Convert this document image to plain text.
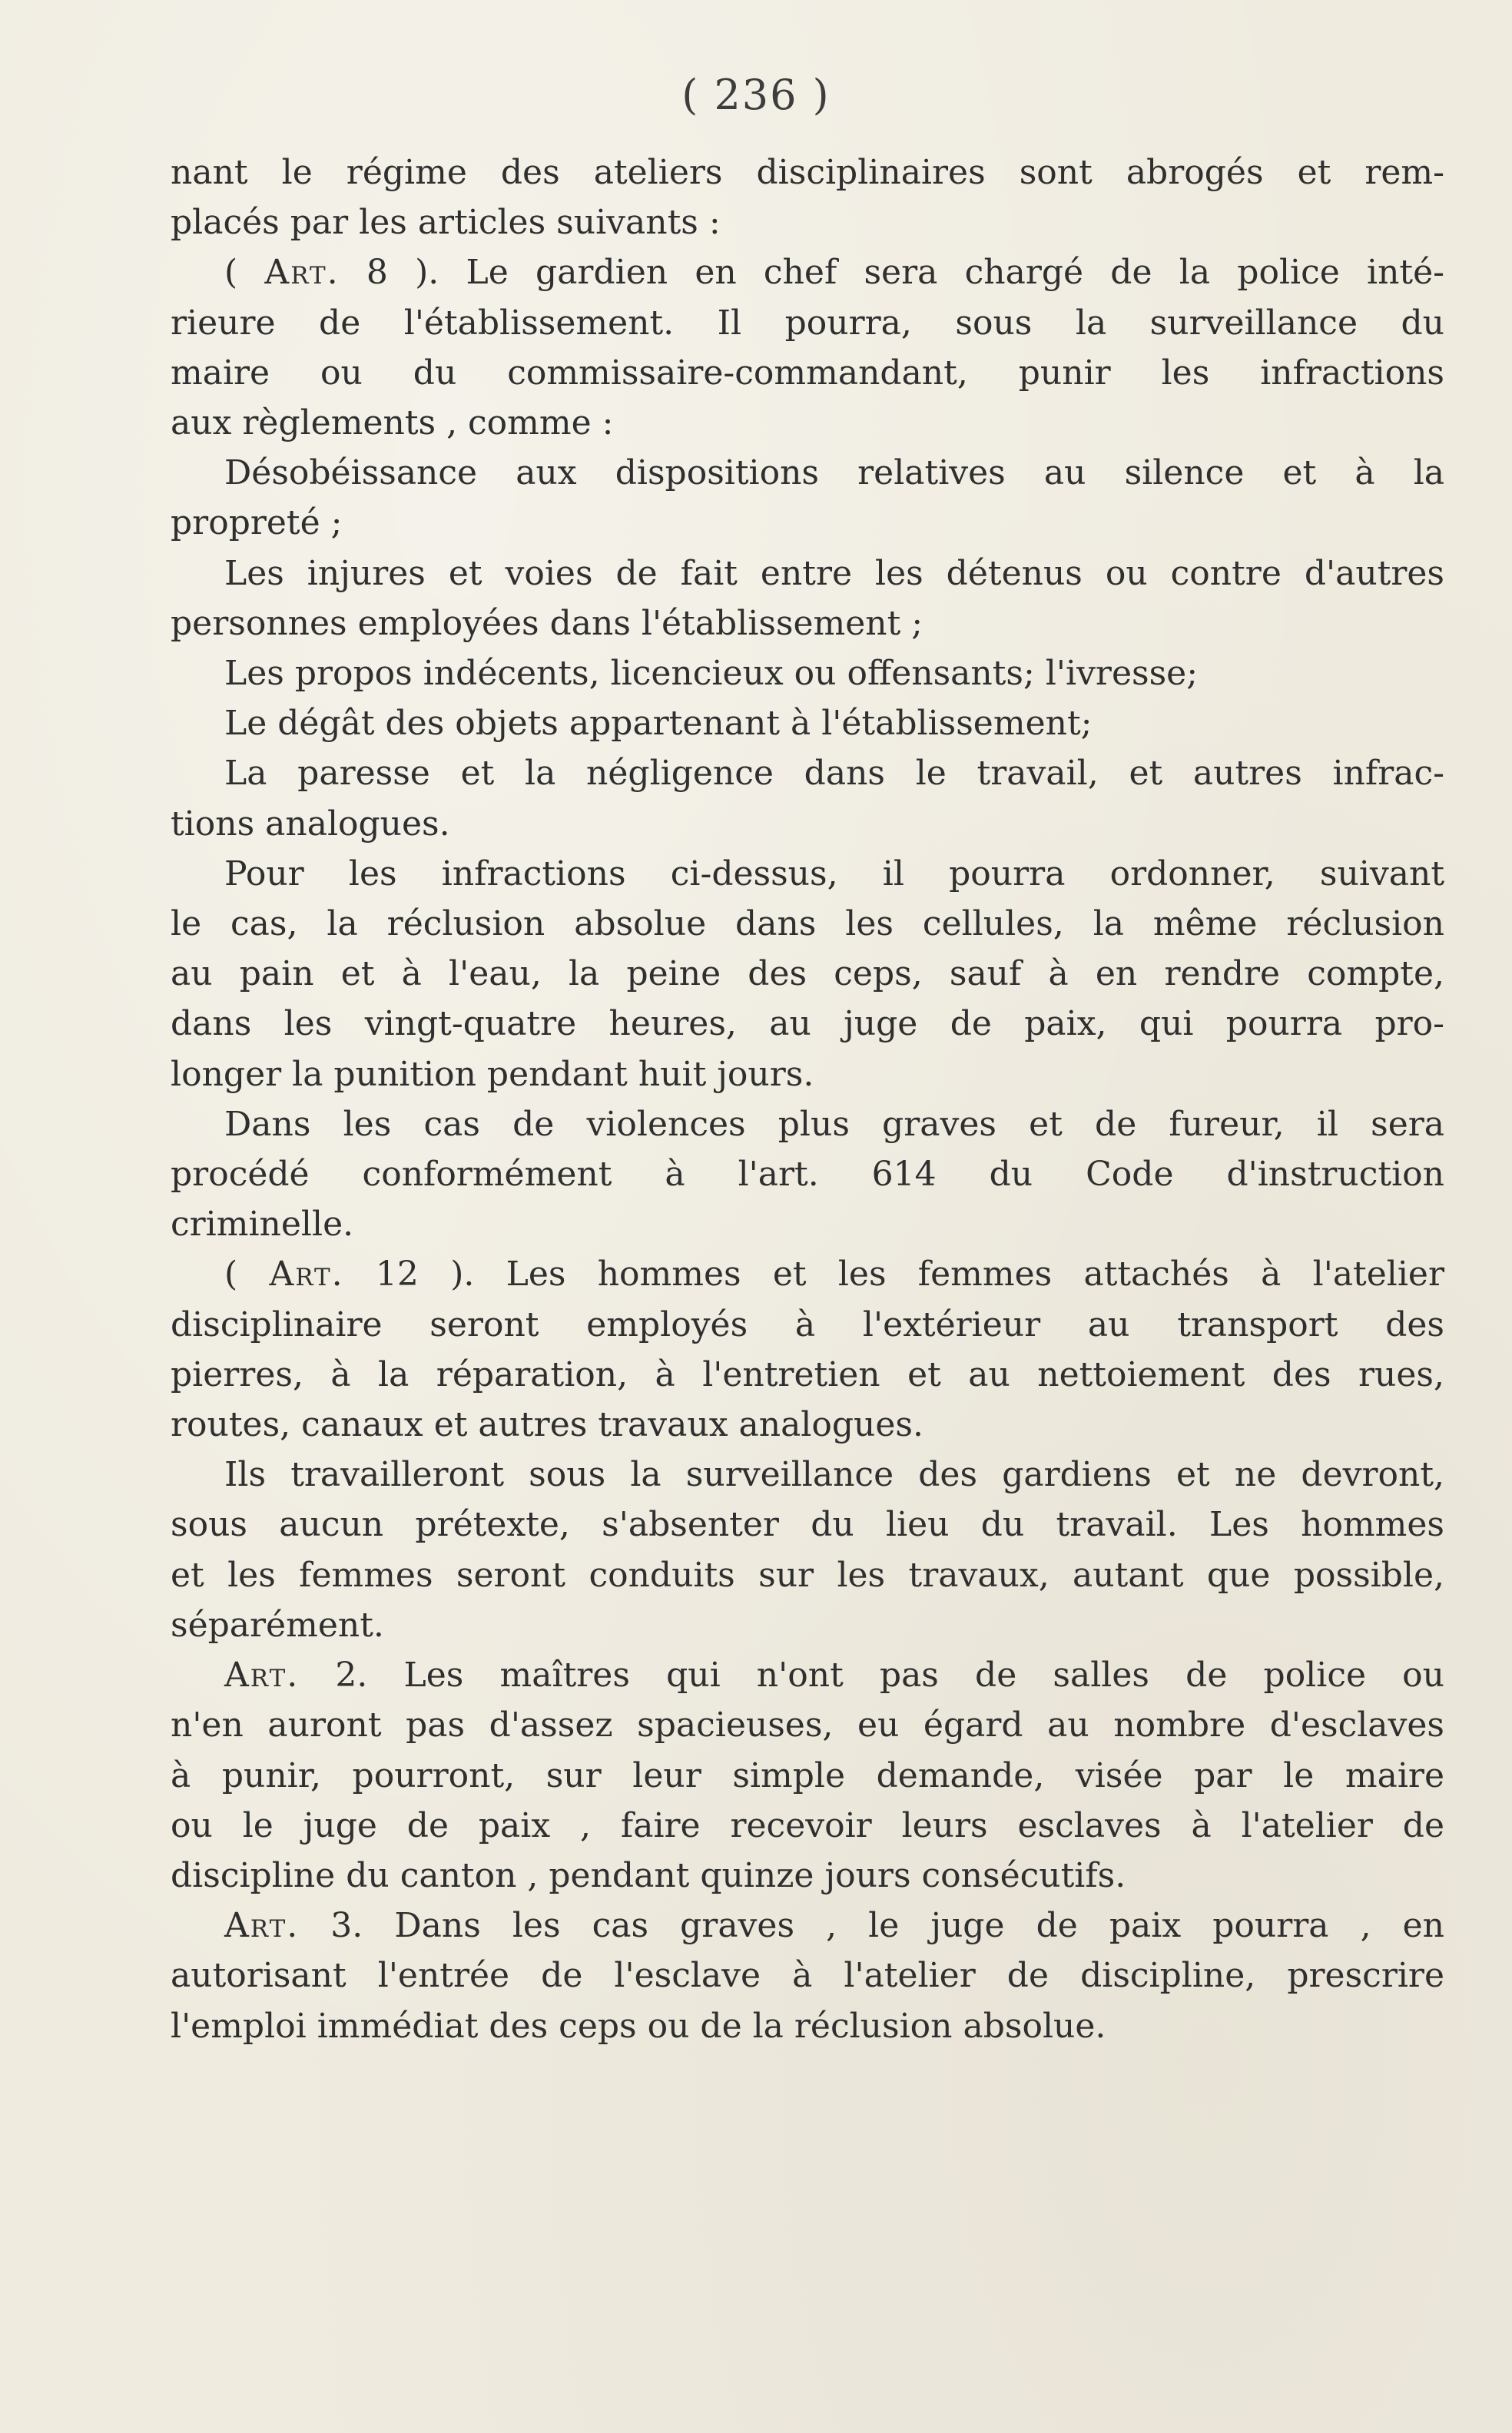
( 236 )

nant le régime des ateliers disciplinaires sont abrogés et rem-

placés par les articles suivants :

( Art. 8 ). Le gardien en chef sera chargé de la police inté-

rieure de l'établissement. Il pourra, sous la surveillance du

maire ou du commissaire-commandant, punir les infractions

aux règlements , comme :

Désobéissance aux dispositions relatives au silence et à la

propreté ;

Les injures et voies de fait entre les détenus ou contre d'autres

personnes employées dans l'établissement ;

Les propos indécents, licencieux ou offensants; l'ivresse;

Le dégât des objets appartenant à l'établissement;

La paresse et la négligence dans le travail, et autres infrac-

tions analogues.

Pour les infractions ci-dessus, il pourra ordonner, suivant

le cas, la réclusion absolue dans les cellules, la même réclusion

au pain et à l'eau, la peine des ceps, sauf à en rendre compte,

dans les vingt-quatre heures, au juge de paix, qui pourra pro-

longer la punition pendant huit jours.

Dans les cas de violences plus graves et de fureur, il sera

procédé conformément à l'art. 614 du Code d'instruction

criminelle.

( Art. 12 ). Les hommes et les femmes attachés à l'atelier

disciplinaire seront employés à l'extérieur au transport des

pierres, à la réparation, à l'entretien et au nettoiement des rues,

routes, canaux et autres travaux analogues.

Ils travailleront sous la surveillance des gardiens et ne devront,

sous aucun prétexte, s'absenter du lieu du travail. Les hommes

et les femmes seront conduits sur les travaux, autant que possible,

séparément.

Art. 2. Les maîtres qui n'ont pas de salles de police ou

n'en auront pas d'assez spacieuses, eu égard au nombre d'esclaves

à punir, pourront, sur leur simple demande, visée par le maire

ou le juge de paix , faire recevoir leurs esclaves à l'atelier de

discipline du canton , pendant quinze jours consécutifs.

Art. 3. Dans les cas graves , le juge de paix pourra , en

autorisant l'entrée de l'esclave à l'atelier de discipline, prescrire

l'emploi immédiat des ceps ou de la réclusion absolue.
